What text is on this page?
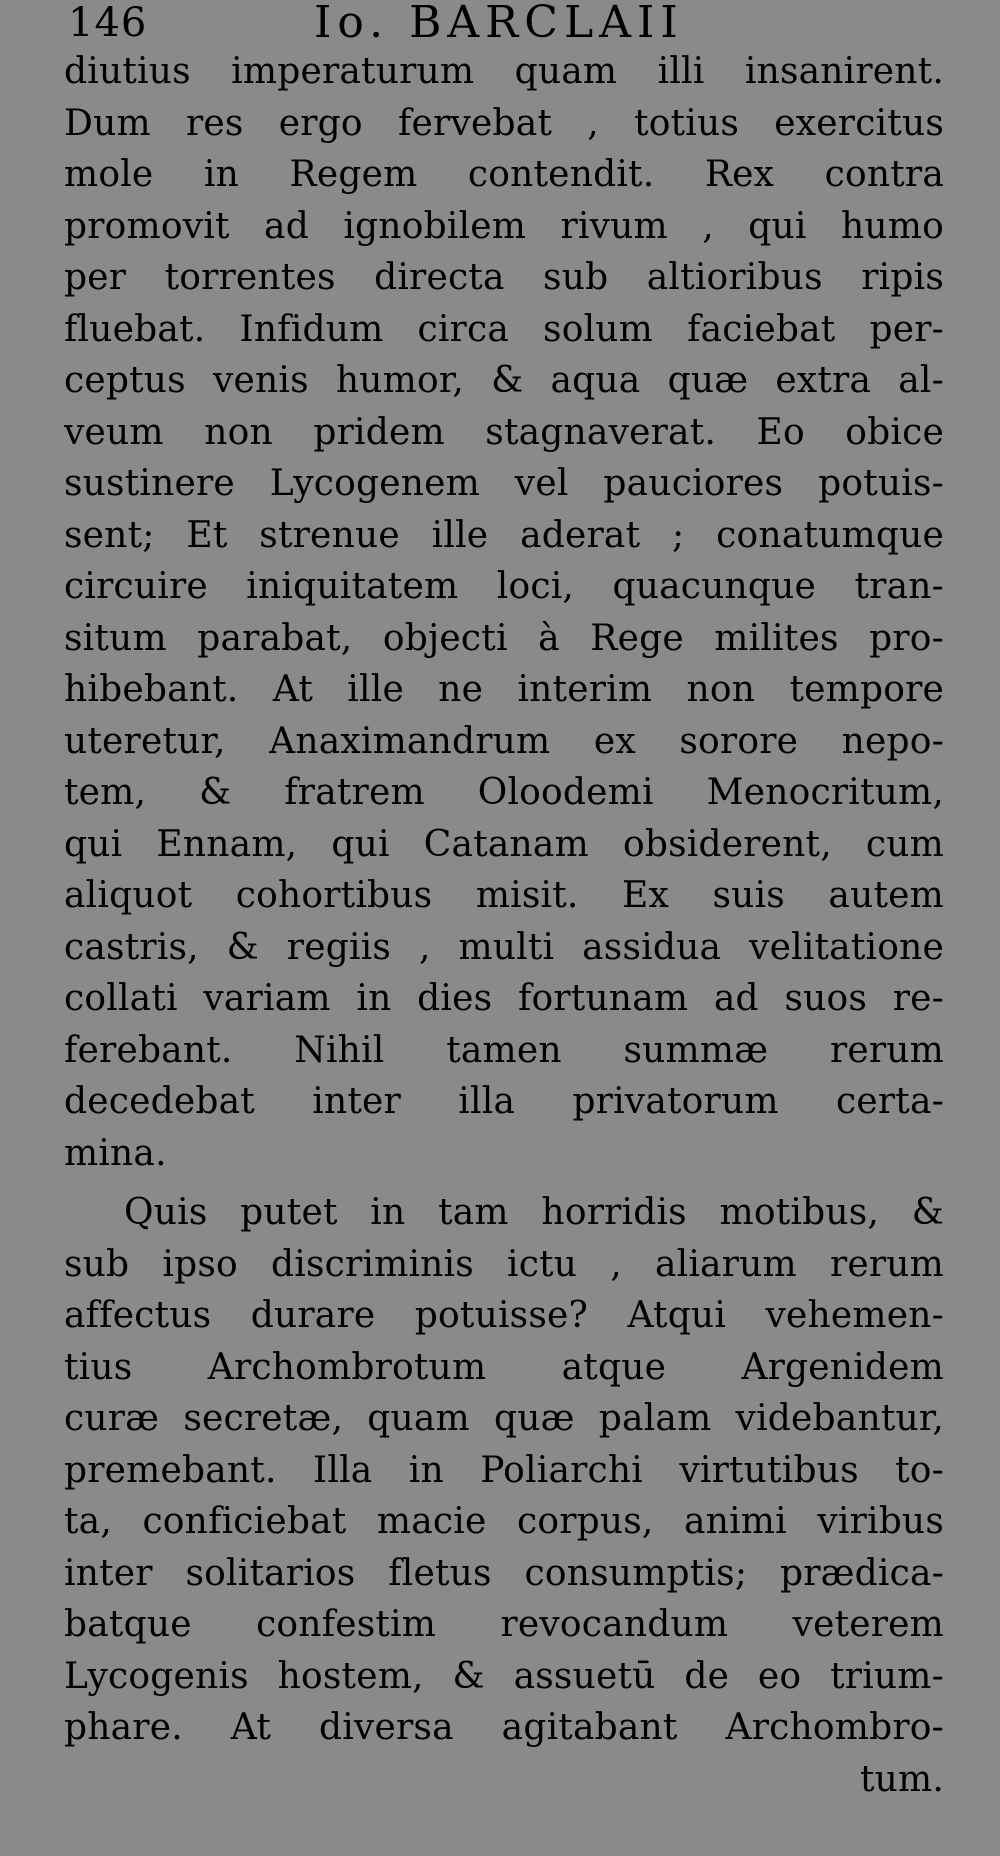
146	Io. BARCLAII
diutius imperaturum quam illi insanirent.
Dum res ergo fervebat , totius exercitus
mole in Regem contendit. Rex contra
promovit ad ignobilem rivum , qui humo
per torrentes directa sub altioribus ripis
fluebat. Infidum circa solum faciebat per-
ceptus venis humor, & aqua quæ extra al-
veum non pridem stagnaverat. Eo obice
sustinere Lycogenem vel pauciores potuis-
sent; Et strenue ille aderat ; conatumque
circuire iniquitatem loci, quacunque tran-
situm parabat, objecti à Rege milites pro-
hibebant. At ille ne interim non tempore
uteretur, Anaximandrum ex sorore nepo-
tem, & fratrem Oloodemi Menocritum,
qui Ennam, qui Catanam obsiderent, cum
aliquot cohortibus misit. Ex suis autem
castris, & regiis , multi assidua velitatione
collati variam in dies fortunam ad suos re-
ferebant. Nihil tamen summæ rerum
decedebat inter illa privatorum certa-
mina.
Quis putet in tam horridis motibus, &
sub ipso discriminis ictu , aliarum rerum
affectus durare potuisse? Atqui vehemen-
tius Archombrotum atque Argenidem
curæ secretæ, quam quæ palam videbantur,
premebant. Illa in Poliarchi virtutibus to-
ta, conficiebat macie corpus, animi viribus
inter solitarios fletus consumptis; prædica-
batque confestim revocandum veterem
Lycogenis hostem, & assuetū de eo trium-
phare. At diversa agitabant Archombro-
tum.
